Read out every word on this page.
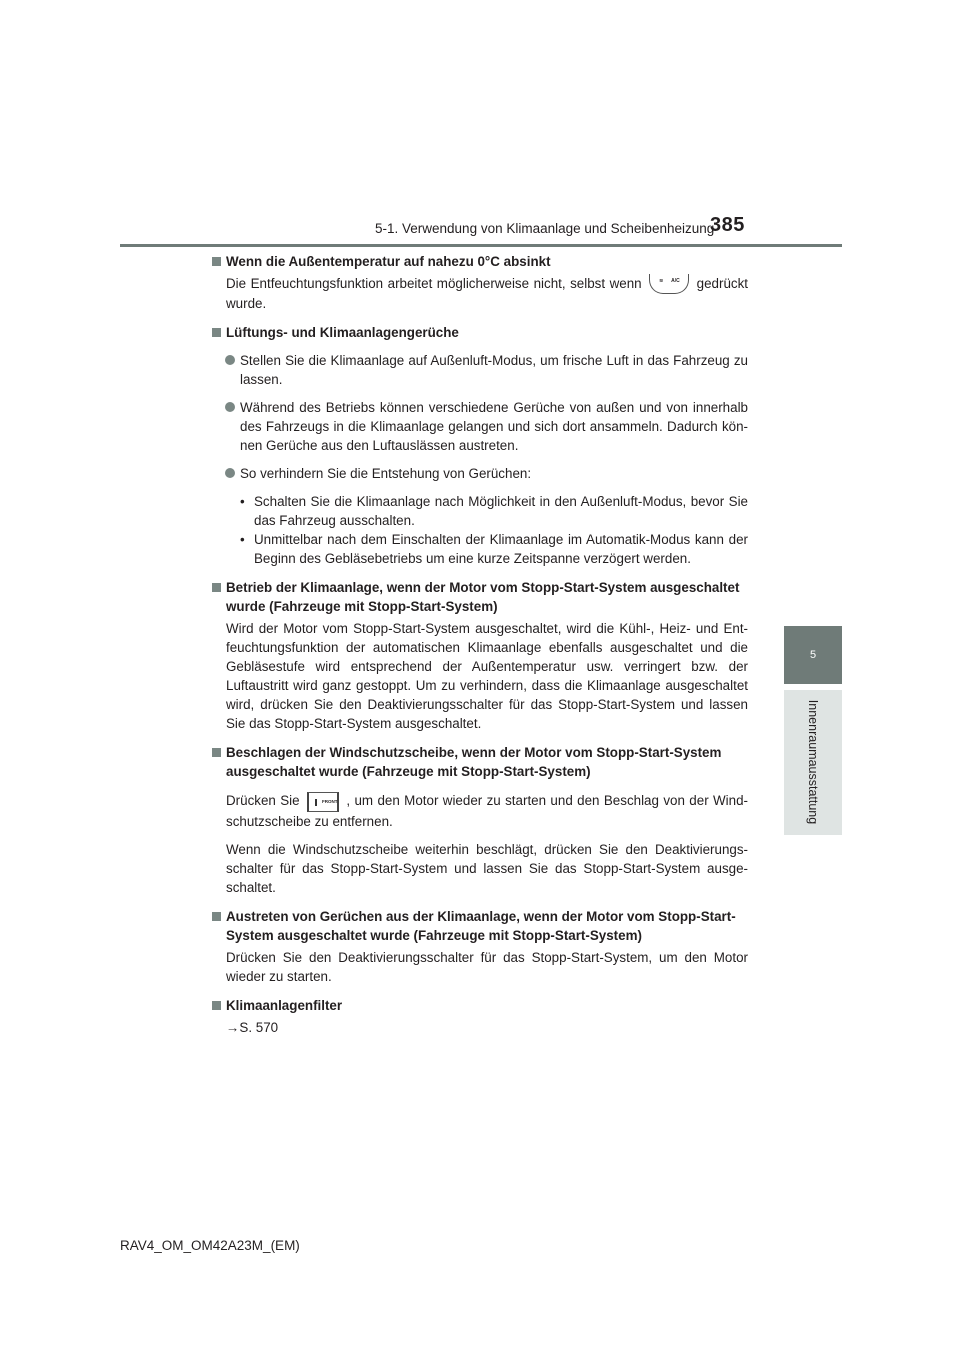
5-1. Verwendung von Klimaanlage und Scheibenheizung
385
5
Innenraumausstattung
Wenn die Außentemperatur auf nahezu 0°C absinkt
Die Entfeuchtungsfunktion arbeitet möglicherweise nicht, selbst wenn	≋ A/C gedrückt wurde.
Lüftungs- und Klimaanlagengerüche
Stellen Sie die Klimaanlage auf Außenluft-Modus, um frische Luft in das Fahrzeug zu lassen.
Während des Betriebs können verschiedene Gerüche von außen und von innerhalb des Fahrzeugs in die Klimaanlage gelangen und sich dort ansammeln. Dadurch kön-nen Gerüche aus den Luftauslässen austreten.
So verhindern Sie die Entstehung von Gerüchen:
• Schalten Sie die Klimaanlage nach Möglichkeit in den Außenluft-Modus, bevor Sie das Fahrzeug ausschalten.
• Unmittelbar nach dem Einschalten der Klimaanlage im Automatik-Modus kann der Beginn des Gebläsebetriebs um eine kurze Zeitspanne verzögert werden.
Betrieb der Klimaanlage, wenn der Motor vom Stopp-Start-System ausgeschaltet wurde (Fahrzeuge mit Stopp-Start-System)
Wird der Motor vom Stopp-Start-System ausgeschaltet, wird die Kühl-, Heiz- und Ent-feuchtungsfunktion der automatischen Klimaanlage ebenfalls ausgeschaltet und die Gebläsestufe wird entsprechend der Außentemperatur usw. verringert bzw. der Luftaustritt wird ganz gestoppt. Um zu verhindern, dass die Klimaanlage ausgeschaltet wird, drücken Sie den Deaktivierungsschalter für das Stopp-Start-System und lassen Sie das Stopp-Start-System ausgeschaltet.
Beschlagen der Windschutzscheibe, wenn der Motor vom Stopp-Start-System ausgeschaltet wurde (Fahrzeuge mit Stopp-Start-System)
Drücken Sie	FRONT , um den Motor wieder zu starten und den Beschlag von der Wind-schutzscheibe zu entfernen.
Wenn die Windschutzscheibe weiterhin beschlägt, drücken Sie den Deaktivierungs-schalter für das Stopp-Start-System und lassen Sie das Stopp-Start-System ausge-schaltet.
Austreten von Gerüchen aus der Klimaanlage, wenn der Motor vom Stopp-Start-System ausgeschaltet wurde (Fahrzeuge mit Stopp-Start-System)
Drücken Sie den Deaktivierungsschalter für das Stopp-Start-System, um den Motor wieder zu starten.
Klimaanlagenfilter
→S. 570
RAV4_OM_OM42A23M_(EM)
